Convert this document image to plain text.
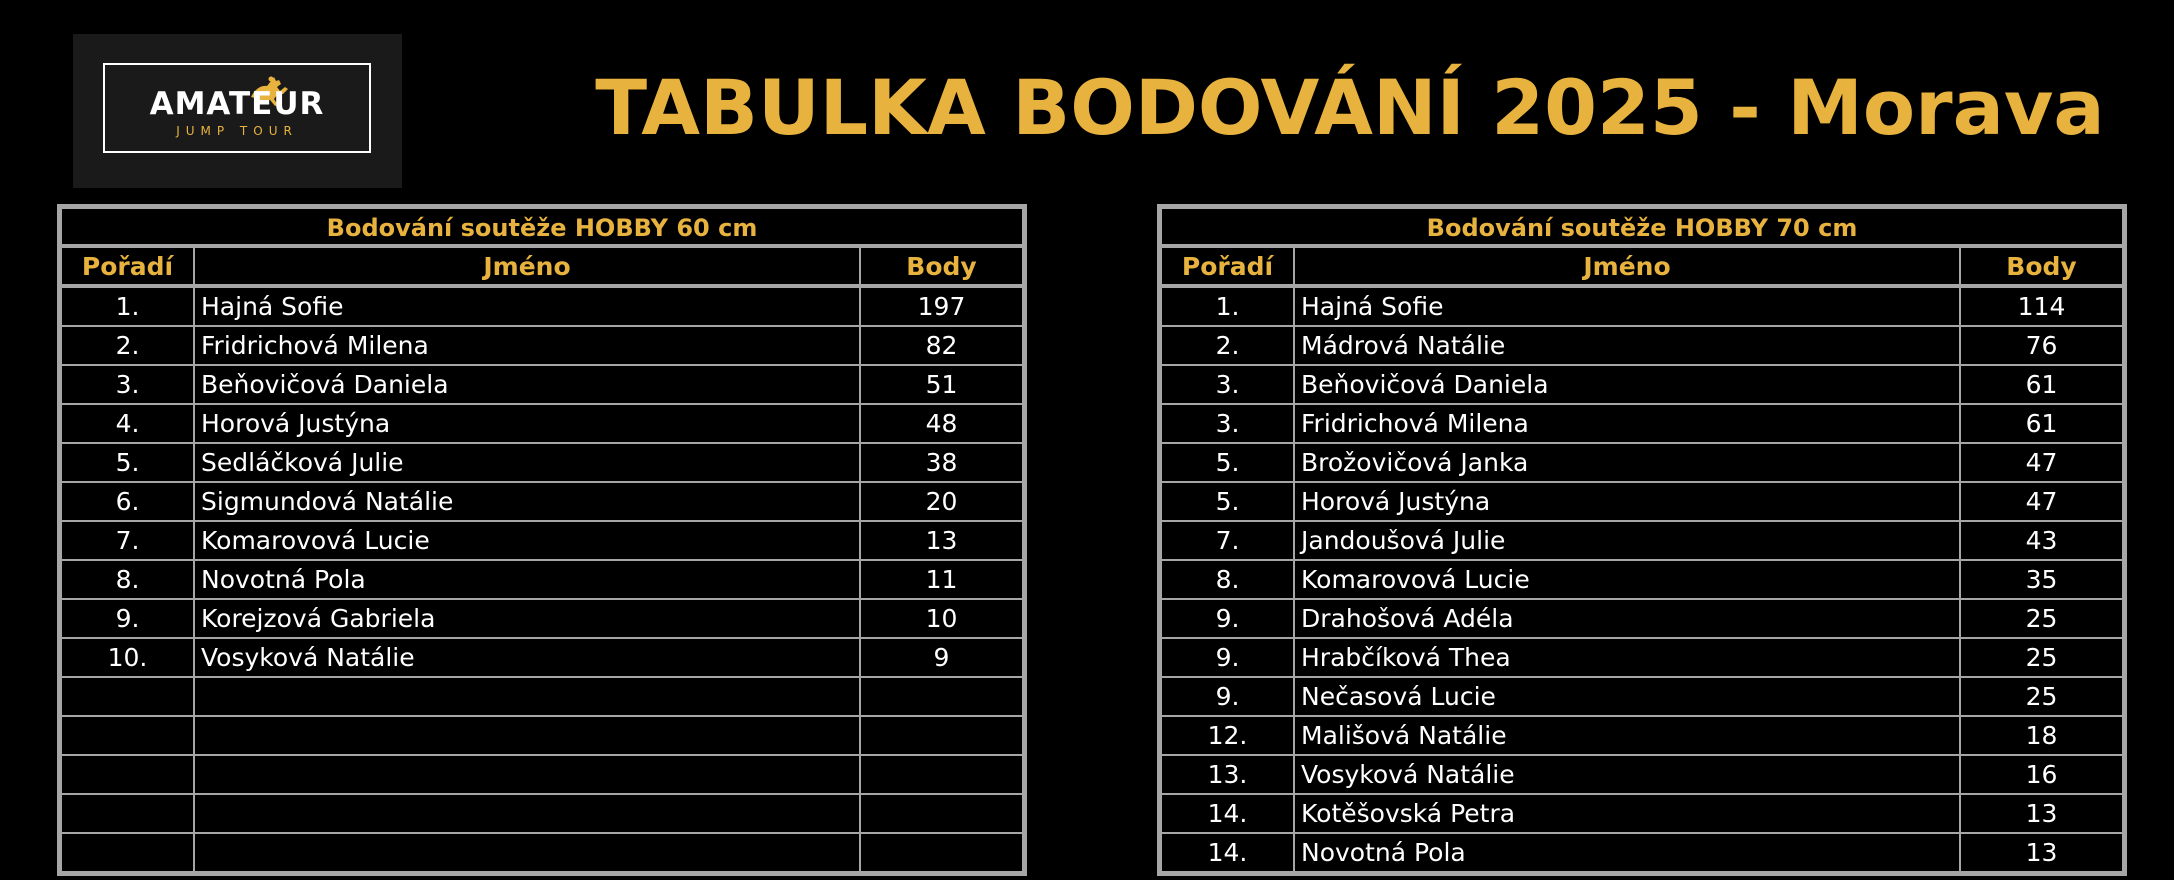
AMATEUR
JUMP TOUR	TABULKA BODOVÁNÍ 2025 - Morava
Bodování soutěže HOBBY 60 cm
Pořadí	Jméno	Body
1.	Hajná Sofie	197
2.	Fridrichová Milena	82
3.	Beňovičová Daniela	51
4.	Horová Justýna	48
5.	Sedláčková Julie	38
6.	Sigmundová Natálie	20
7.	Komarovová Lucie	13
8.	Novotná Pola	11
9.	Korejzová Gabriela	10
10.	Vosyková Natálie	9

Bodování soutěže HOBBY 70 cm
Pořadí	Jméno	Body
1.	Hajná Sofie	114
2.	Mádrová Natálie	76
3.	Beňovičová Daniela	61
3.	Fridrichová Milena	61
5.	Brožovičová Janka	47
5.	Horová Justýna	47
7.	Jandoušová Julie	43
8.	Komarovová Lucie	35
9.	Drahošová Adéla	25
9.	Hrabčíková Thea	25
9.	Nečasová Lucie	25
12.	Mališová Natálie	18
13.	Vosyková Natálie	16
14.	Kotěšovská Petra	13
14.	Novotná Pola	13
